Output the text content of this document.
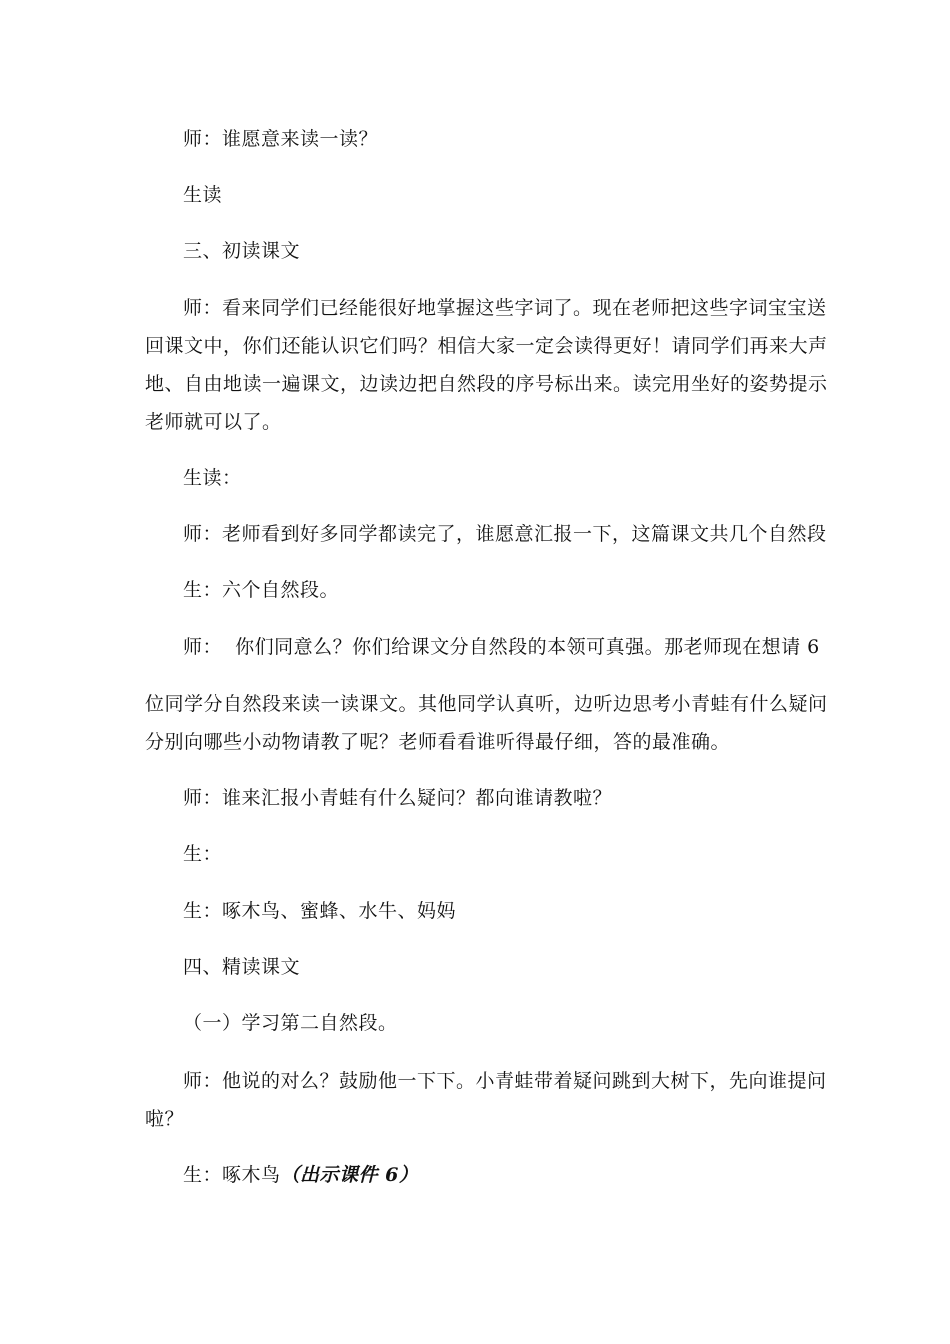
师：谁愿意来读一读？
生读
三、初读课文
师：看来同学们已经能很好地掌握这些字词了。现在老师把这些字词宝宝送
回课文中，你们还能认识它们吗？相信大家一定会读得更好！请同学们再来大声
地、自由地读一遍课文，边读边把自然段的序号标出来。读完用坐好的姿势提示
老师就可以了。
生读：
师：老师看到好多同学都读完了，谁愿意汇报一下，这篇课文共几个自然段
生：六个自然段。
师：  你们同意么？你们给课文分自然段的本领可真强。那老师现在想请 6
位同学分自然段来读一读课文。其他同学认真听，边听边思考小青蛙有什么疑问
分别向哪些小动物请教了呢？老师看看谁听得最仔细，答的最准确。
师：谁来汇报小青蛙有什么疑问？都向谁请教啦？
生：
生：啄木鸟、蜜蜂、水牛、妈妈
四、精读课文
（一）学习第二自然段。
师：他说的对么？鼓励他一下下。小青蛙带着疑问跳到大树下，先向谁提问
啦？
生：啄木鸟（出示课件 6）
